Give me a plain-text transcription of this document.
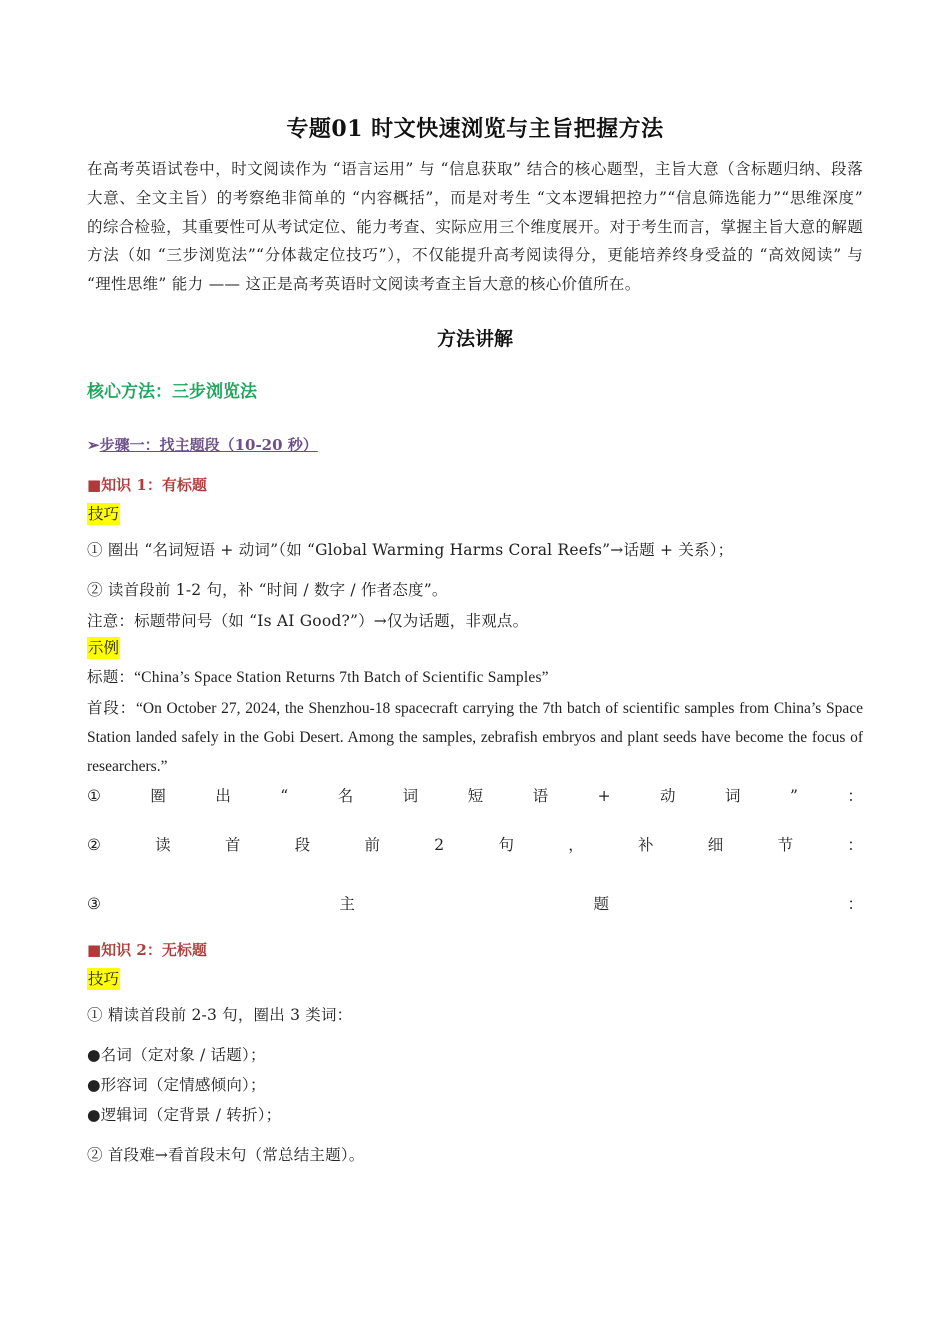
专题01 时文快速浏览与主旨把握方法

在高考英语试卷中，时文阅读作为 “语言运用” 与 “信息获取” 结合的核心题型，主旨大意（含标题归纳、段落大意、全文主旨）的考察绝非简单的 “内容概括”，而是对考生 “文本逻辑把控力”“信息筛选能力”“思维深度” 的综合检验，其重要性可从考试定位、能力考查、实际应用三个维度展开。对于考生而言，掌握主旨大意的解题方法（如 “三步浏览法”“分体裁定位技巧”），不仅能提升高考阅读得分，更能培养终身受益的 “高效阅读” 与 “理性思维” 能力 —— 这正是高考英语时文阅读考查主旨大意的核心价值所在。

方法讲解
核心方法：三步浏览法
➢步骤一：找主题段（10-20 秒）
■知识 1：有标题
技巧
① 圈出 “名词短语 + 动词”（如 “Global Warming Harms Coral Reefs”→话题 + 关系）；
② 读首段前 1-2 句，补 “时间 / 数字 / 作者态度”。
注意：标题带问号（如 “Is AI Good?”）→仅为话题，非观点。
示例
标题：“China’s Space Station Returns 7th Batch of Scientific Samples”

首段：“On October 27, 2024, the Shenzhou-18 spacecraft carrying the 7th batch of scientific samples from China’s Space Station landed safely in the Gobi Desert. Among the samples, zebrafish embryos and plant seeds have become the focus of researchers.”

①	圈	出	“	名	词	短	语	+	动	词	”	：
②	读	首	段	前	2	句	，	补	细	节	：
③	主	题	：
■知识 2：无标题
技巧
① 精读首段前 2-3 句，圈出 3 类词：
●名词（定对象 / 话题）；
●形容词（定情感倾向）；
●逻辑词（定背景 / 转折）；
② 首段难→看首段末句（常总结主题）。
